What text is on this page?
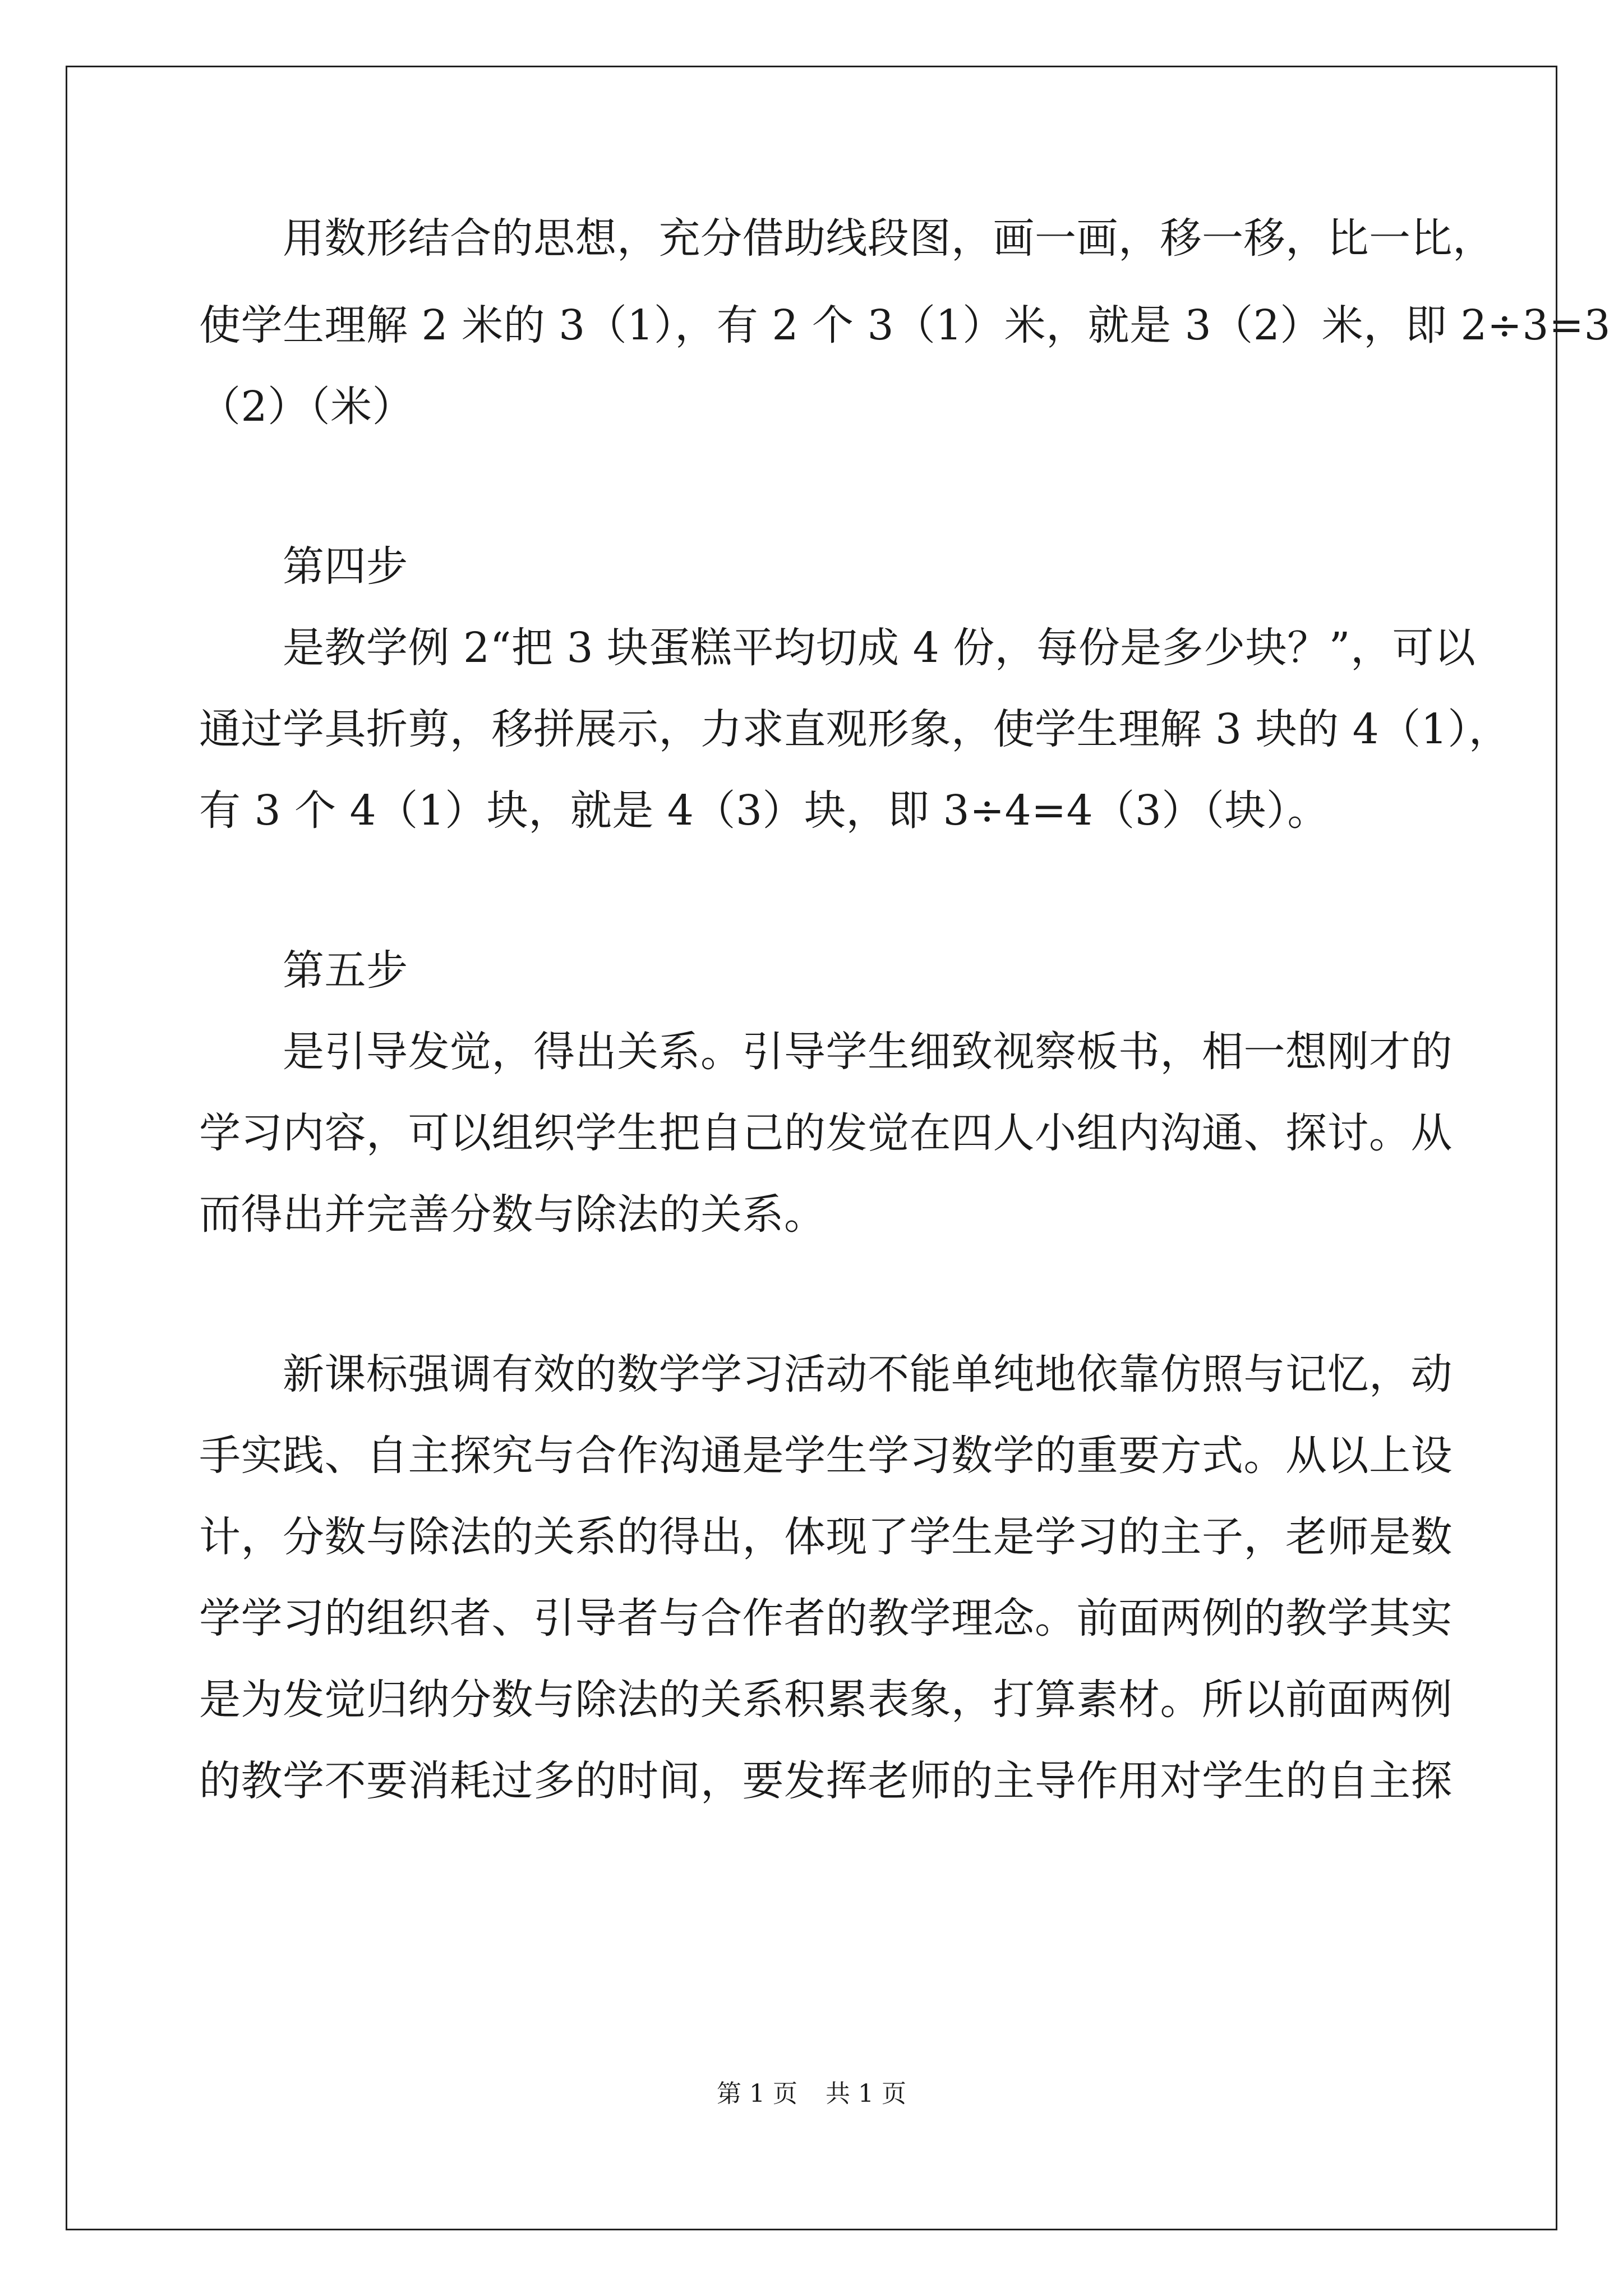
　　用数形结合的思想，充分借助线段图，画一画，移一移，比一比，
使学生理解 2 米的 3（1），有 2 个 3（1）米，就是 3（2）米，即 2÷3=3
（2）（米）
　　第四步
　　是教学例 2“把 3 块蛋糕平均切成 4 份，每份是多少块？”，可以
通过学具折剪，移拼展示，力求直观形象，使学生理解 3 块的 4（1），
有 3 个 4（1）块，就是 4（3）块，即 3÷4=4（3）（块）。
　　第五步
　　是引导发觉，得出关系。引导学生细致视察板书，相一想刚才的
学习内容，可以组织学生把自己的发觉在四人小组内沟通、探讨。从
而得出并完善分数与除法的关系。
　　新课标强调有效的数学学习活动不能单纯地依靠仿照与记忆，动
手实践、自主探究与合作沟通是学生学习数学的重要方式。从以上设
计，分数与除法的关系的得出，体现了学生是学习的主子，老师是数
学学习的组织者、引导者与合作者的教学理念。前面两例的教学其实
是为发觉归纳分数与除法的关系积累表象，打算素材。所以前面两例
的教学不要消耗过多的时间，要发挥老师的主导作用对学生的自主探
第 1 页 共 1 页
